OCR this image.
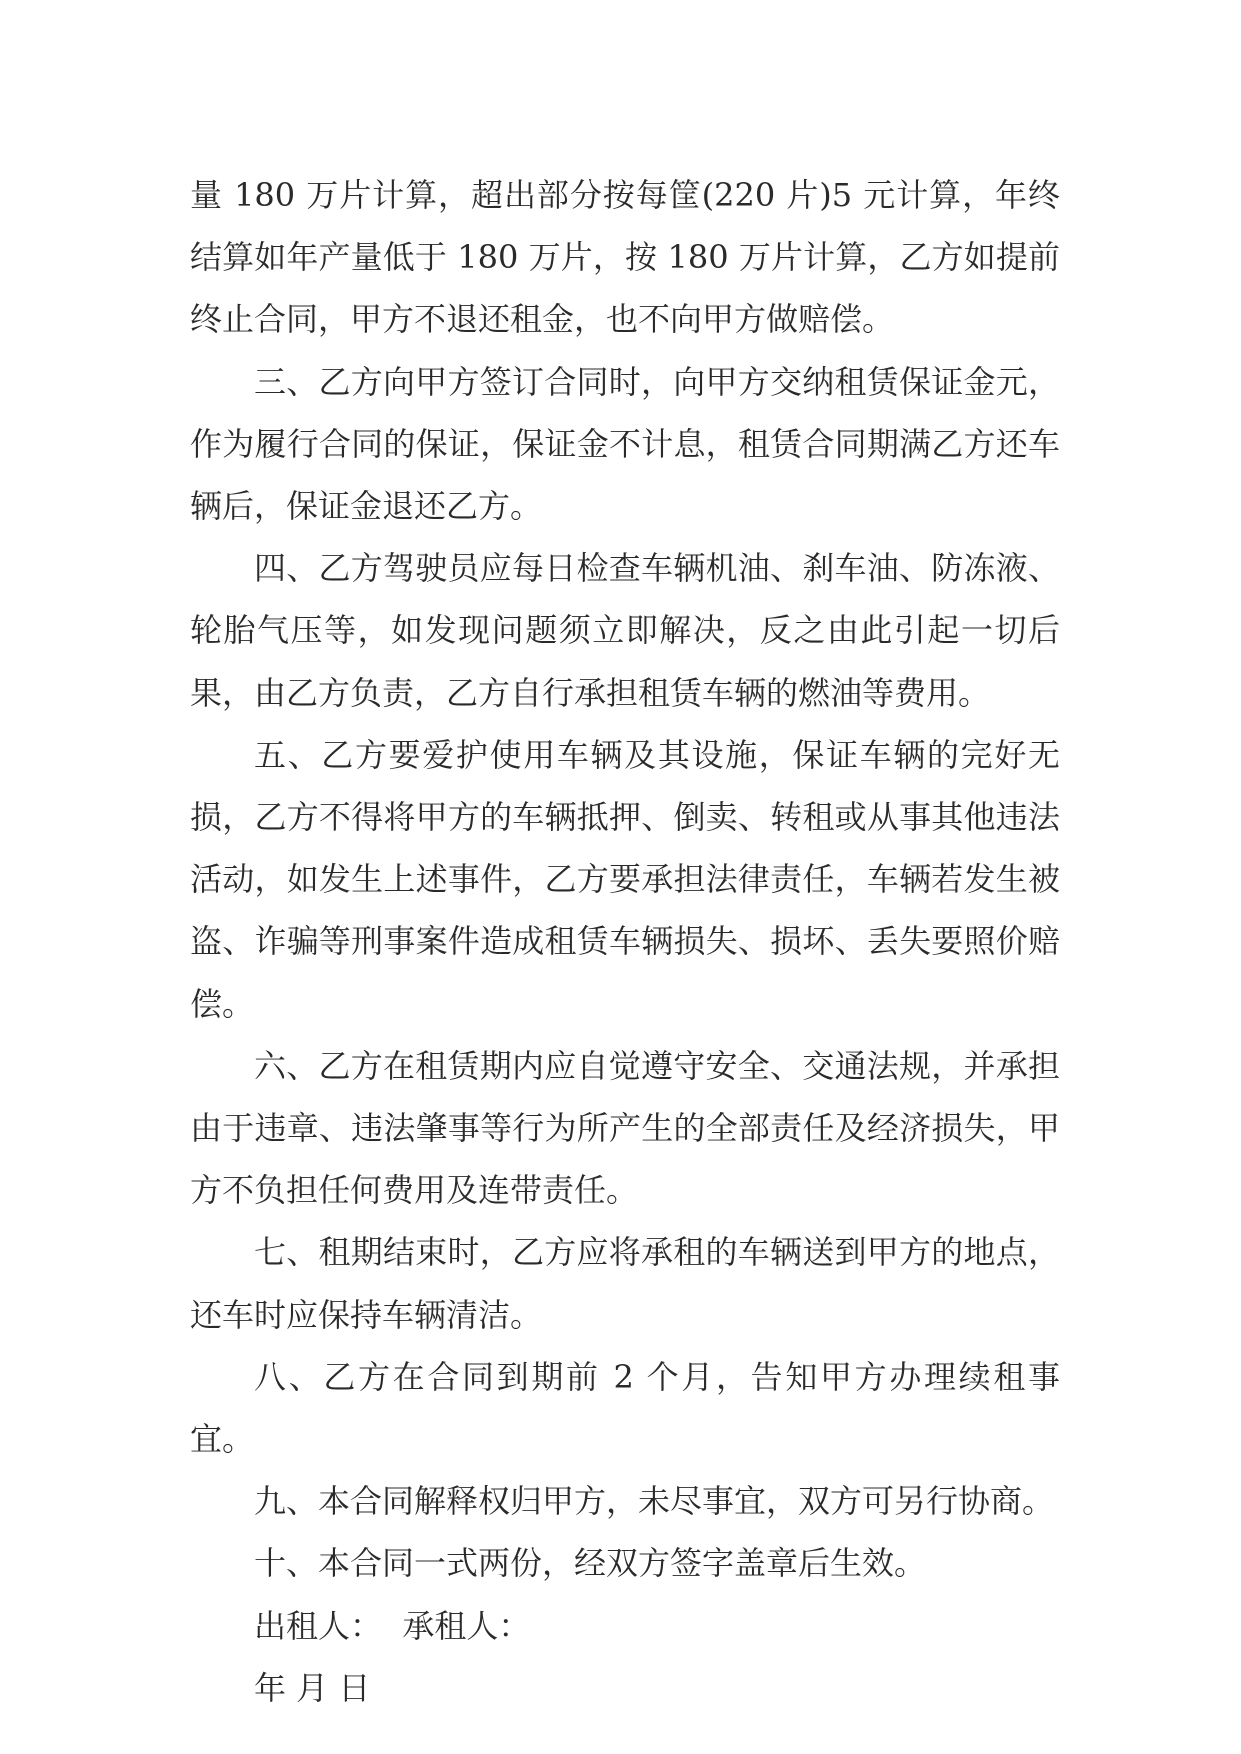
量 180 万片计算，超出部分按每筐(220 片)5 元计算，年终结算如年产量低于 180 万片，按 180 万片计算，乙方如提前终止合同，甲方不退还租金，也不向甲方做赔偿。

三、乙方向甲方签订合同时，向甲方交纳租赁保证金元，作为履行合同的保证，保证金不计息，租赁合同期满乙方还车辆后，保证金退还乙方。

四、乙方驾驶员应每日检查车辆机油、刹车油、防冻液、轮胎气压等，如发现问题须立即解决，反之由此引起一切后果，由乙方负责，乙方自行承担租赁车辆的燃油等费用。

五、乙方要爱护使用车辆及其设施，保证车辆的完好无损，乙方不得将甲方的车辆抵押、倒卖、转租或从事其他违法活动，如发生上述事件，乙方要承担法律责任，车辆若发生被盗、诈骗等刑事案件造成租赁车辆损失、损坏、丢失要照价赔偿。

六、乙方在租赁期内应自觉遵守安全、交通法规，并承担由于违章、违法肇事等行为所产生的全部责任及经济损失，甲方不负担任何费用及连带责任。

七、租期结束时，乙方应将承租的车辆送到甲方的地点，还车时应保持车辆清洁。

八、乙方在合同到期前 2 个月，告知甲方办理续租事宜。

九、本合同解释权归甲方，未尽事宜，双方可另行协商。

十、本合同一式两份，经双方签字盖章后生效。

出租人：  承租人：

年 月 日
